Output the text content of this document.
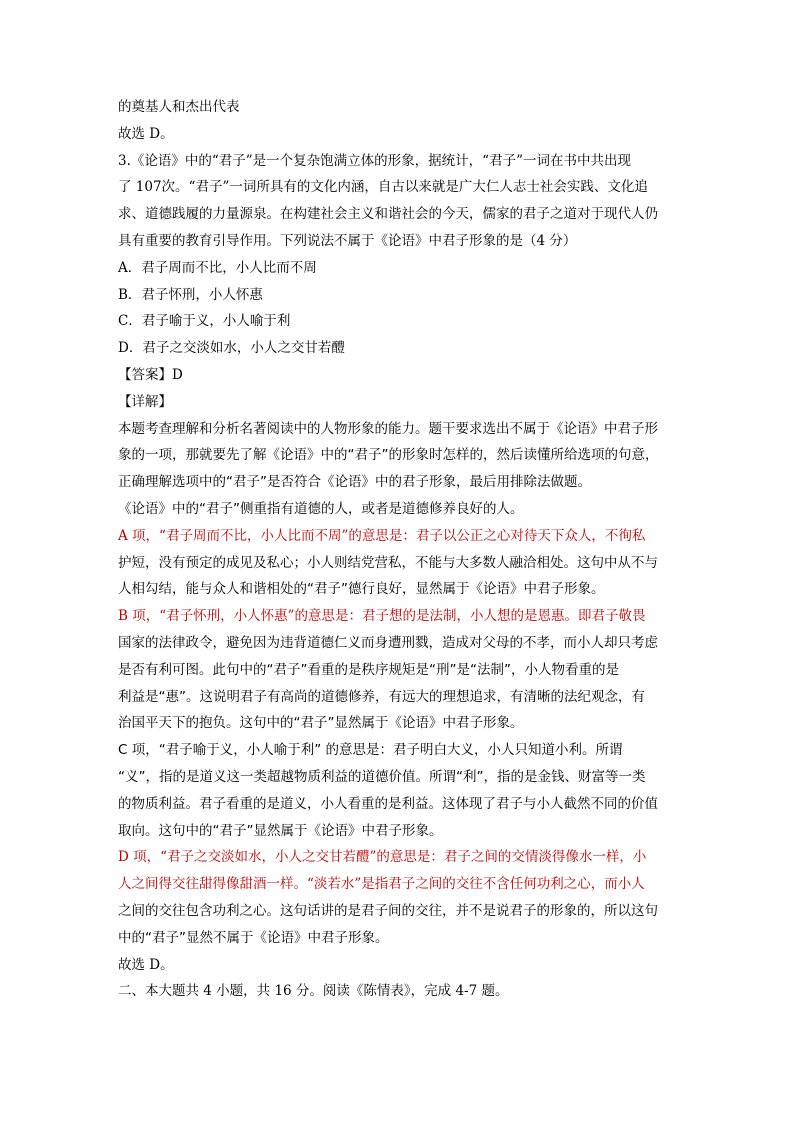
的奠基人和杰出代表
故选 D。
3.《论语》中的“君子”是一个复杂饱满立体的形象，据统计，“君子”一词在书中共出现
了 107次。“君子”一词所具有的文化内涵，自古以来就是广大仁人志士社会实践、文化追
求、道德践履的力量源泉。在构建社会主义和谐社会的今天，儒家的君子之道对于现代人仍
具有重要的教育引导作用。下列说法不属于《论语》中君子形象的是（4 分）
A．君子周而不比，小人比而不周
B．君子怀刑，小人怀惠
C．君子喻于义，小人喻于利
D．君子之交淡如水，小人之交甘若醴
【答案】D
【详解】
本题考查理解和分析名著阅读中的人物形象的能力。题干要求选出不属于《论语》中君子形
象的一项，那就要先了解《论语》中的“君子”的形象时怎样的，然后读懂所给选项的句意，
正确理解选项中的“君子”是否符合《论语》中的君子形象，最后用排除法做题。
《论语》中的“君子”侧重指有道德的人，或者是道德修养良好的人。
A 项，“君子周而不比，小人比而不周”的意思是：君子以公正之心对待天下众人，不徇私
护短，没有预定的成见及私心；小人则结党营私，不能与大多数人融洽相处。这句中从不与
人相勾结，能与众人和谐相处的“君子”德行良好，显然属于《论语》中君子形象。
B 项，“君子怀刑，小人怀惠”的意思是：君子想的是法制，小人想的是恩惠。即君子敬畏
国家的法律政令，避免因为违背道德仁义而身遭刑戮，造成对父母的不孝，而小人却只考虑
是否有利可图。此句中的“君子”看重的是秩序规矩是“刑”是“法制”，小人物看重的是
利益是“惠”。这说明君子有高尚的道德修养，有远大的理想追求，有清晰的法纪观念，有
治国平天下的抱负。这句中的“君子”显然属于《论语》中君子形象。
C 项，“君子喻于义，小人喻于利” 的意思是：君子明白大义，小人只知道小利。所谓
“义”，指的是道义这一类超越物质利益的道德价值。所谓“利”，指的是金钱、财富等一类
的物质利益。君子看重的是道义，小人看重的是利益。这体现了君子与小人截然不同的价值
取向。这句中的“君子”显然属于《论语》中君子形象。
D 项，“君子之交淡如水，小人之交甘若醴”的意思是：君子之间的交情淡得像水一样，小
人之间得交往甜得像甜酒一样。“淡若水”是指君子之间的交往不含任何功利之心，而小人
之间的交往包含功利之心。这句话讲的是君子间的交往，并不是说君子的形象的，所以这句
中的“君子”显然不属于《论语》中君子形象。
故选 D。
二、本大题共 4 小题，共 16 分。阅读《陈情表》，完成 4-7 题。
